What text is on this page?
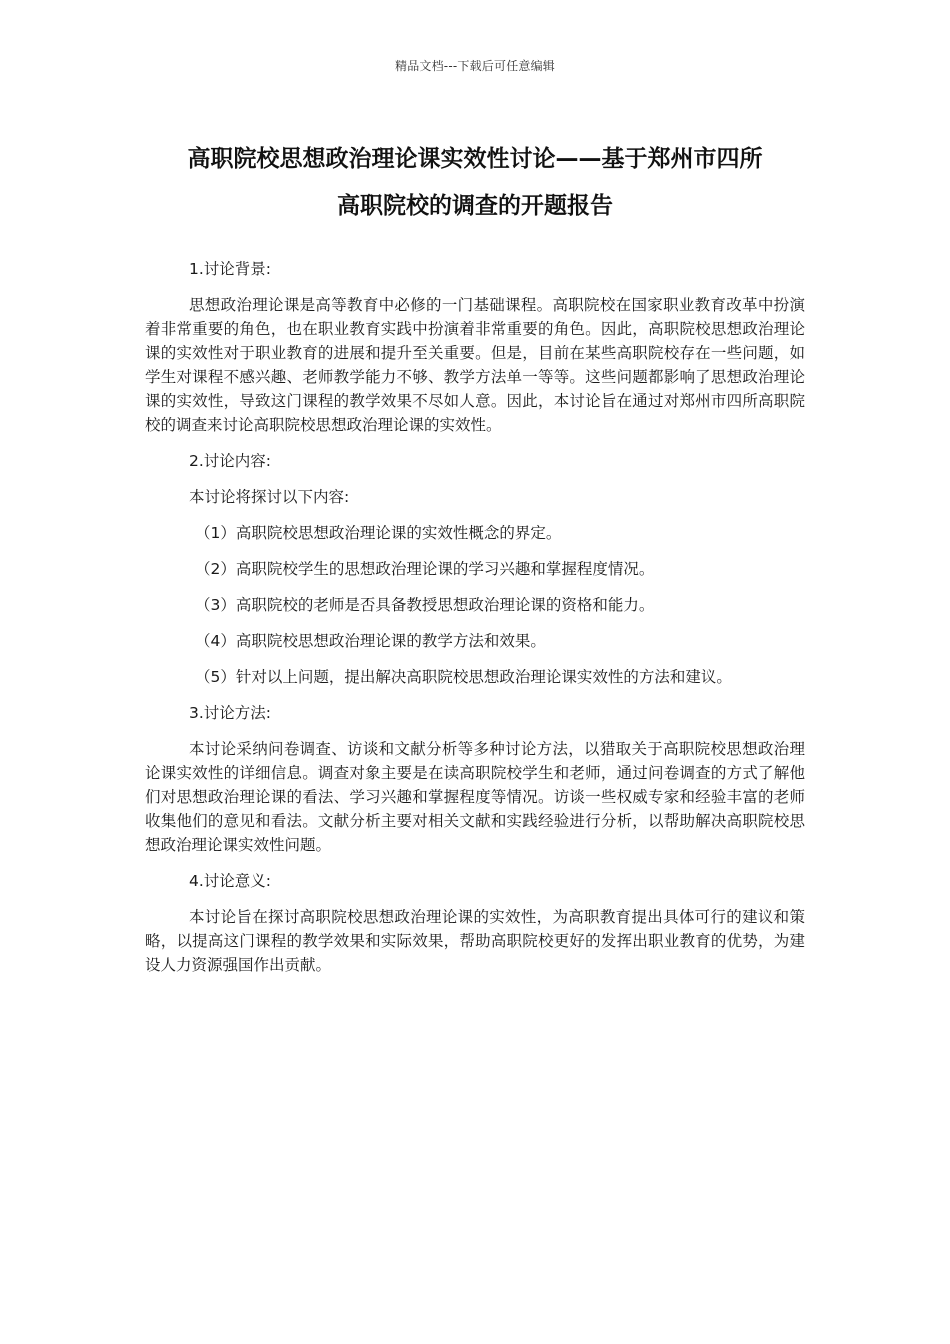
精品文档---下载后可任意编辑
高职院校思想政治理论课实效性讨论——基于郑州市四所
高职院校的调查的开题报告
1.讨论背景:

思想政治理论课是高等教育中必修的一门基础课程。高职院校在国家职业教育改革中扮演着非常重要的角色，也在职业教育实践中扮演着非常重要的角色。因此，高职院校思想政治理论课的实效性对于职业教育的进展和提升至关重要。但是，目前在某些高职院校存在一些问题，如学生对课程不感兴趣、老师教学能力不够、教学方法单一等等。这些问题都影响了思想政治理论课的实效性，导致这门课程的教学效果不尽如人意。因此，本讨论旨在通过对郑州市四所高职院校的调查来讨论高职院校思想政治理论课的实效性。

2.讨论内容:
本讨论将探讨以下内容:
（1）高职院校思想政治理论课的实效性概念的界定。
（2）高职院校学生的思想政治理论课的学习兴趣和掌握程度情况。
（3）高职院校的老师是否具备教授思想政治理论课的资格和能力。
（4）高职院校思想政治理论课的教学方法和效果。
（5）针对以上问题，提出解决高职院校思想政治理论课实效性的方法和建议。
3.讨论方法:

本讨论采纳问卷调查、访谈和文献分析等多种讨论方法，以猎取关于高职院校思想政治理论课实效性的详细信息。调查对象主要是在读高职院校学生和老师，通过问卷调查的方式了解他们对思想政治理论课的看法、学习兴趣和掌握程度等情况。访谈一些权威专家和经验丰富的老师收集他们的意见和看法。文献分析主要对相关文献和实践经验进行分析，以帮助解决高职院校思想政治理论课实效性问题。

4.讨论意义:

本讨论旨在探讨高职院校思想政治理论课的实效性，为高职教育提出具体可行的建议和策略，以提高这门课程的教学效果和实际效果，帮助高职院校更好的发挥出职业教育的优势，为建设人力资源强国作出贡献。
